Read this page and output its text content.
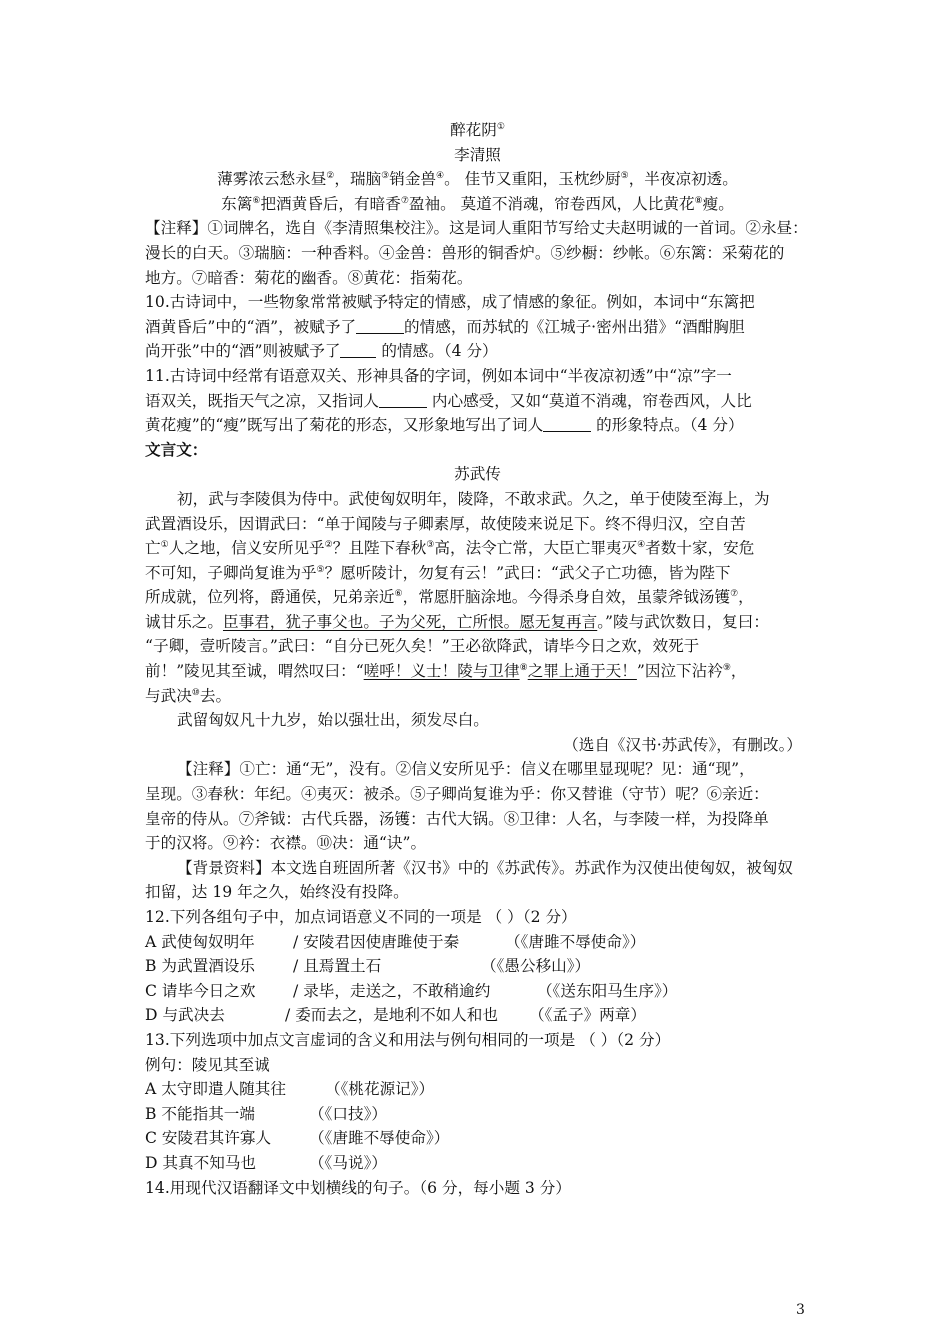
醉花阴①

李清照

薄雾浓云愁永昼②，瑞脑③销金兽④。 佳节又重阳，玉枕纱厨⑤，半夜凉初透。

东篱⑥把酒黄昏后，有暗香⑦盈袖。 莫道不消魂，帘卷西风，人比黄花⑧瘦。

【注释】①词牌名，选自《李清照集校注》。这是词人重阳节写给丈夫赵明诚的一首词。②永昼：

漫长的白天。③瑞脑：一种香料。④金兽：兽形的铜香炉。⑤纱橱：纱帐。⑥东篱：采菊花的

地方。⑦暗香：菊花的幽香。⑧黄花：指菊花。

10.古诗词中，一些物象常常被赋予特定的情感，成了情感的象征。例如，本词中“东篱把

酒黄昏后”中的“酒”，被赋予了	的情感，而苏轼的《江城子·密州出猎》“酒酣胸胆

尚开张”中的“酒”则被赋予了 的情感。（4 分）

11.古诗词中经常有语意双关、形神具备的字词，例如本词中“半夜凉初透”中“凉”字一

语双关，既指天气之凉，又指词人	内心感受，又如“莫道不消魂，帘卷西风，人比

黄花瘦”的“瘦”既写出了菊花的形态，又形象地写出了词人	的形象特点。（4 分）

文言文：

苏武传

初，武与李陵俱为侍中。武使匈奴明年，陵降，不敢求武。久之，单于使陵至海上，为

武置酒设乐，因谓武曰：“单于闻陵与子卿素厚，故使陵来说足下。终不得归汉，空自苦

亡①人之地，信义安所见乎②？且陛下春秋③高，法令亡常，大臣亡罪夷灭④者数十家，安危

不可知，子卿尚复谁为乎⑤？愿听陵计，勿复有云！”武曰：“武父子亡功德，皆为陛下

所成就，位列将，爵通侯，兄弟亲近⑥，常愿肝脑涂地。今得杀身自效，虽蒙斧钺汤镬⑦，

诚甘乐之。臣事君，犹子事父也。子为父死，亡所恨。愿无复再言。”陵与武饮数日，复曰：

“子卿，壹听陵言。”武曰：“自分已死久矣！”王必欲降武，请毕今日之欢，效死于

前！”陵见其至诚，喟然叹曰：“嗟呼！义士！陵与卫律⑧之罪上通于天！”因泣下沾衿⑨，

与武决⑩去。

武留匈奴凡十九岁，始以强壮出，须发尽白。

（选自《汉书·苏武传》，有删改。）

【注释】①亡：通“无”，没有。②信义安所见乎：信义在哪里显现呢？见：通“现”，

呈现。③春秋：年纪。④夷灭：被杀。⑤子卿尚复谁为乎：你又替谁（守节）呢？⑥亲近：

皇帝的侍从。⑦斧钺：古代兵器，汤镬：古代大锅。⑧卫律：人名，与李陵一样，为投降单

于的汉将。⑨衿：衣襟。⑩决：通“诀”。

【背景资料】本文选自班固所著《汉书》中的《苏武传》。苏武作为汉使出使匈奴，被匈奴

扣留，达 19 年之久，始终没有投降。

12.下列各组句子中，加点词语意义不同的一项是 （ ）（2 分）

A 武使匈奴明年	/ 安陵君因使唐雎使于秦	（《唐雎不辱使命》）
B 为武置酒设乐	/ 且焉置土石	（《愚公移山》）
C 请毕今日之欢	/ 录毕，走送之，不敢稍逾约	（《送东阳马生序》）
D 与武决去	/ 委而去之，是地利不如人和也	（《孟子》两章）

13.下列选项中加点文言虚词的含义和用法与例句相同的一项是 （ ）（2 分）

例句：陵见其至诚

A 太守即遣人随其往	（《桃花源记》）
B 不能指其一端	（《口技》）
C 安陵君其许寡人	（《唐雎不辱使命》）
D 其真不知马也	（《马说》）

14.用现代汉语翻译文中划横线的句子。（6 分，每小题 3 分）

3
